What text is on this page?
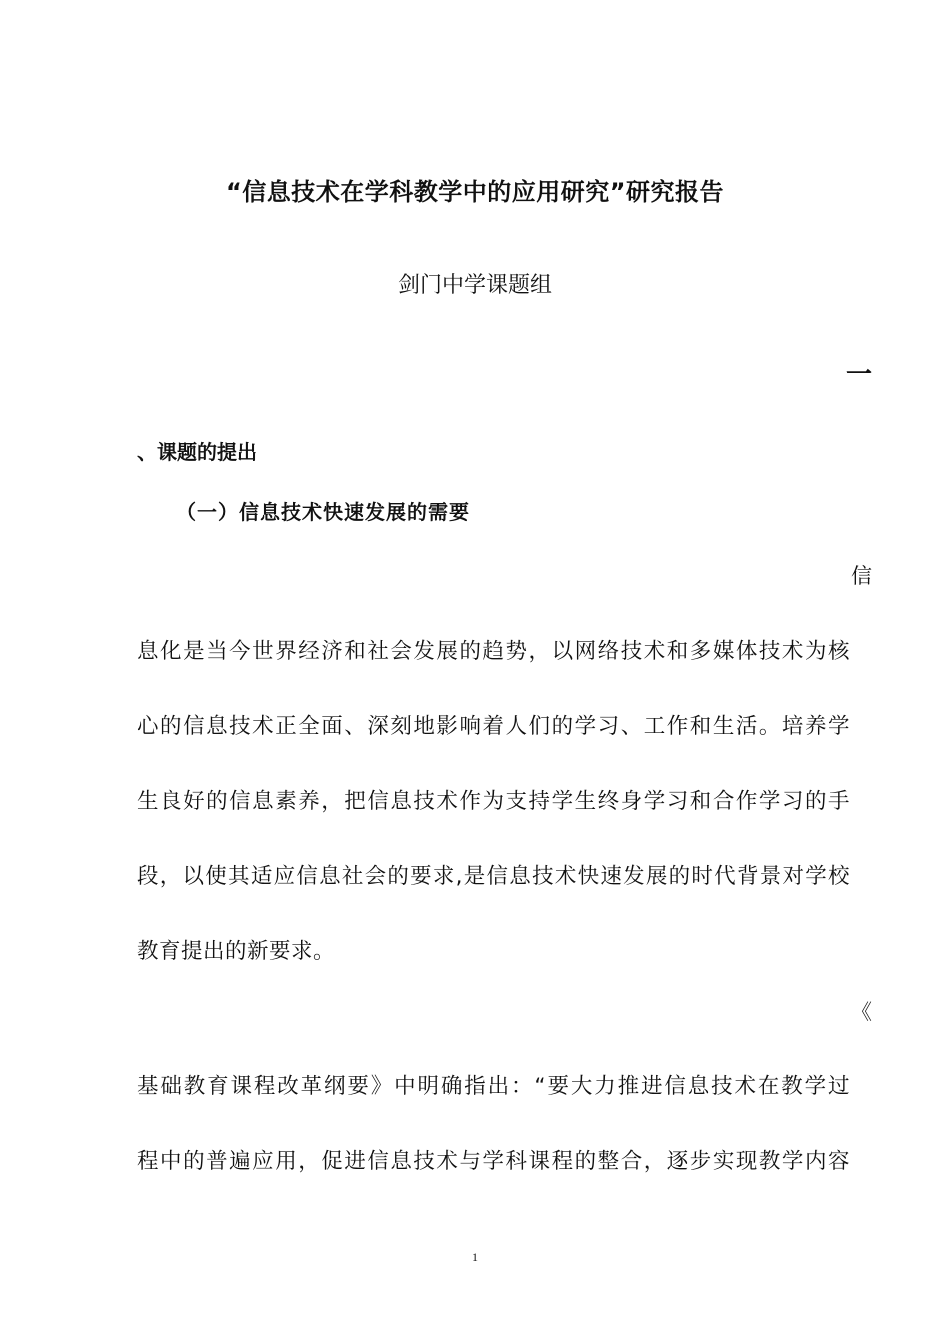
“信息技术在学科教学中的应用研究”研究报告
剑门中学课题组
一
、课题的提出
（一）信息技术快速发展的需要
信
息化是当今世界经济和社会发展的趋势，以网络技术和多媒体技术为核
心的信息技术正全面、深刻地影响着人们的学习、工作和生活。培养学
生良好的信息素养，把信息技术作为支持学生终身学习和合作学习的手
段，以使其适应信息社会的要求,是信息技术快速发展的时代背景对学校
教育提出的新要求。
《
基础教育课程改革纲要》中明确指出：“要大力推进信息技术在教学过
程中的普遍应用，促进信息技术与学科课程的整合，逐步实现教学内容
1
